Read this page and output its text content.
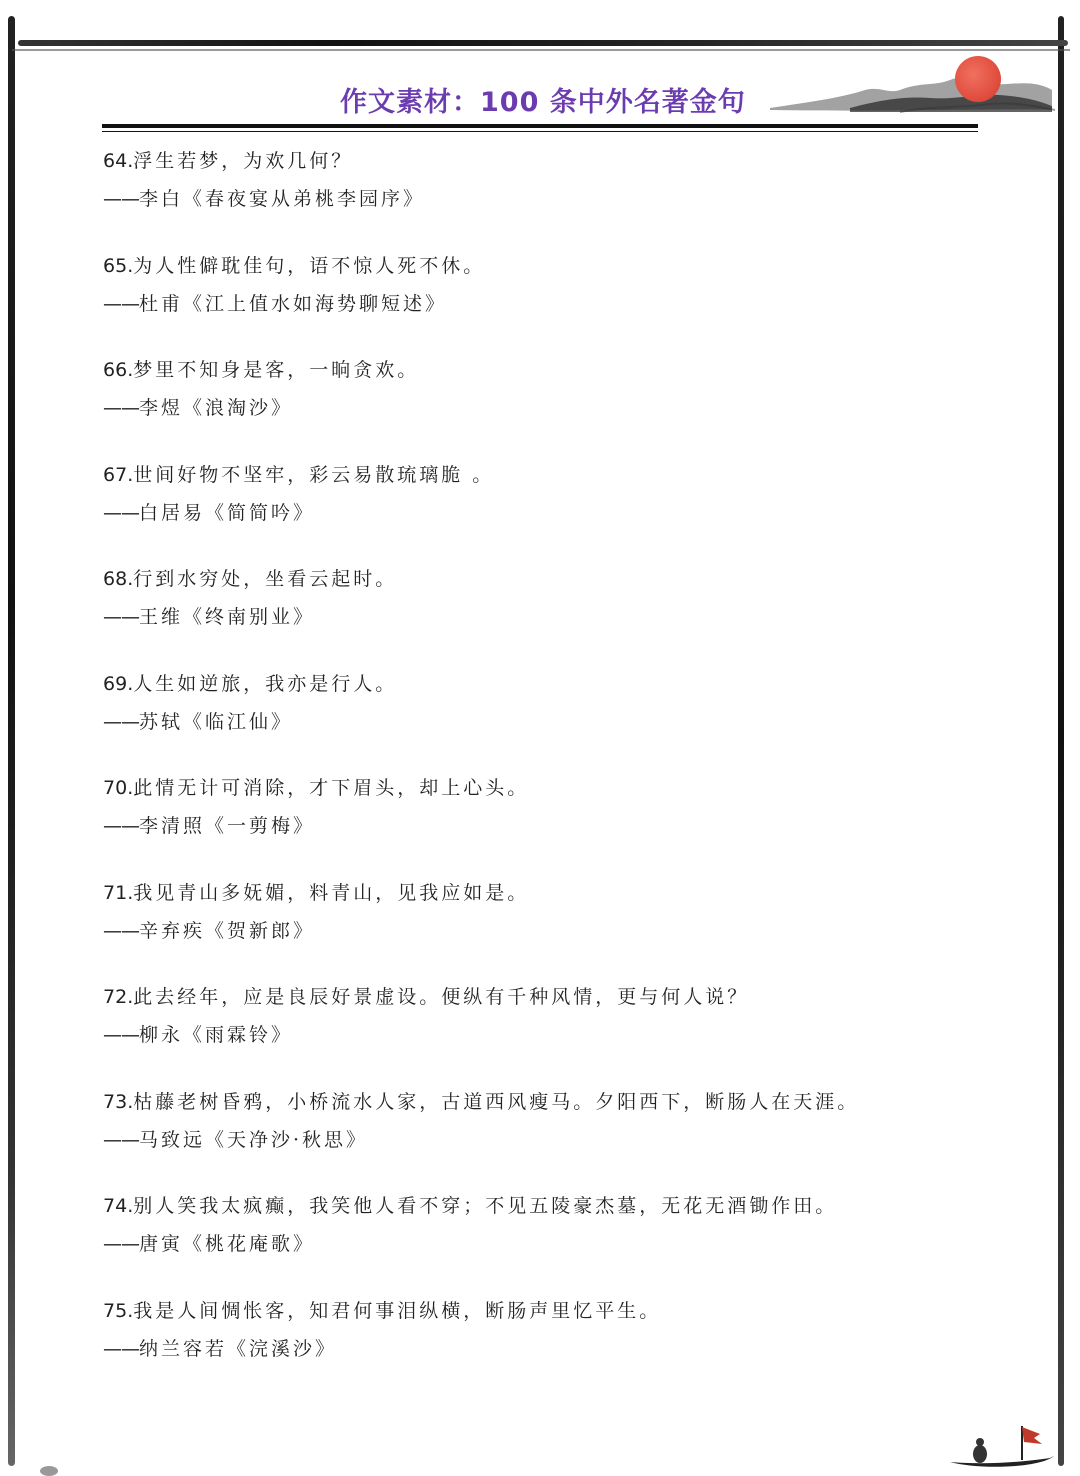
作文素材：100 条中外名著金句
64.浮生若梦，为欢几何？
——李白《春夜宴从弟桃李园序》
65.为人性僻耽佳句，语不惊人死不休。
——杜甫《江上值水如海势聊短述》
66.梦里不知身是客，一晌贪欢。
——李煜《浪淘沙》
67.世间好物不坚牢，彩云易散琉璃脆 。
——白居易《简简吟》
68.行到水穷处，坐看云起时。
——王维《终南别业》
69.人生如逆旅，我亦是行人。
——苏轼《临江仙》
70.此情无计可消除，才下眉头，却上心头。
——李清照《一剪梅》
71.我见青山多妩媚，料青山，见我应如是。
——辛弃疾《贺新郎》
72.此去经年，应是良辰好景虚设。便纵有千种风情，更与何人说？
——柳永《雨霖铃》
73.枯藤老树昏鸦，小桥流水人家，古道西风瘦马。夕阳西下，断肠人在天涯。
——马致远《天净沙·秋思》
74.别人笑我太疯癫，我笑他人看不穿；不见五陵豪杰墓，无花无酒锄作田。
——唐寅《桃花庵歌》
75.我是人间惆怅客，知君何事泪纵横，断肠声里忆平生。
——纳兰容若《浣溪沙》
